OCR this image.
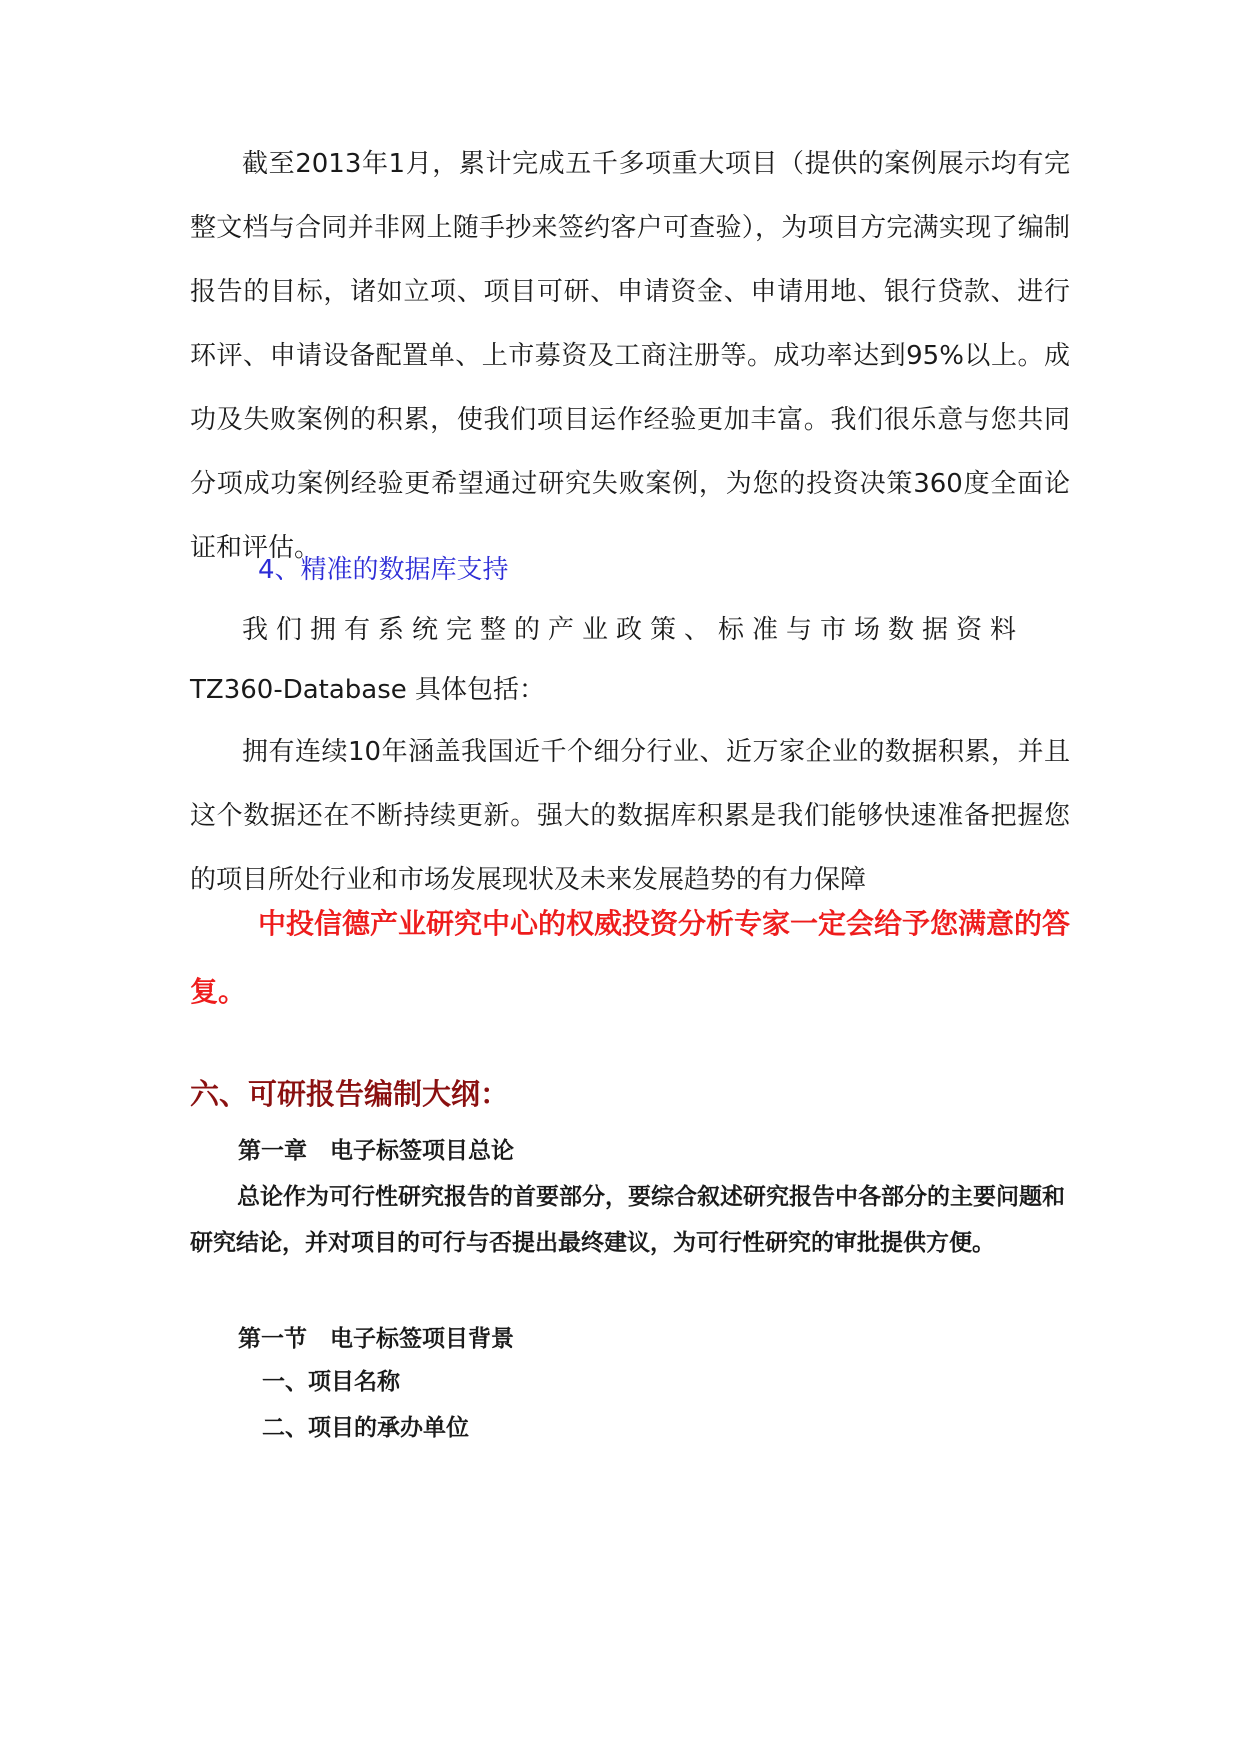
截至2013年1月，累计完成五千多项重大项目（提供的案例展示均有完整文档与合同并非网上随手抄来签约客户可查验），为项目方完满实现了编制报告的目标，诸如立项、项目可研、申请资金、申请用地、银行贷款、进行环评、申请设备配置单、上市募资及工商注册等。成功率达到95%以上。成功及失败案例的积累，使我们项目运作经验更加丰富。我们很乐意与您共同分项成功案例经验更希望通过研究失败案例，为您的投资决策360度全面论证和评估。

4、精准的数据库支持

我们拥有系统完整的产业政策、标准与市场数据资料

TZ360-Database 具体包括：

拥有连续10年涵盖我国近千个细分行业、近万家企业的数据积累，并且这个数据还在不断持续更新。强大的数据库积累是我们能够快速准备把握您的项目所处行业和市场发展现状及未来发展趋势的有力保障

中投信德产业研究中心的权威投资分析专家一定会给予您满意的答复。

六、可研报告编制大纲：

第一章　电子标签项目总论

总论作为可行性研究报告的首要部分，要综合叙述研究报告中各部分的主要问题和研究结论，并对项目的可行与否提出最终建议，为可行性研究的审批提供方便。

第一节　电子标签项目背景

一、项目名称

二、项目的承办单位
